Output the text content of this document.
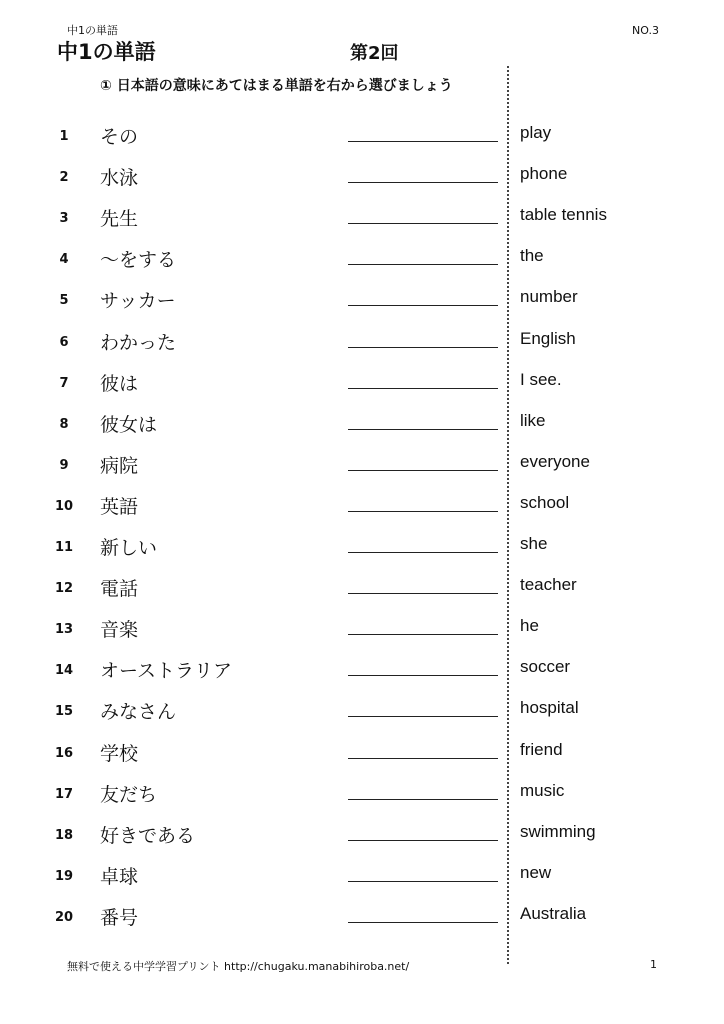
中1の単語	NO.3
中1の単語	第2回
① 日本語の意味にあてはまる単語を右から選びましょう
1	その	play
2	水泳	phone
3	先生	table tennis
4	～をする	the
5	サッカー	number
6	わかった	English
7	彼は	I see.
8	彼女は	like
9	病院	everyone
10	英語	school
11	新しい	she
12	電話	teacher
13	音楽	he
14	オーストラリア	soccer
15	みなさん	hospital
16	学校	friend
17	友だち	music
18	好きである	swimming
19	卓球	new
20	番号	Australia
無料で使える中学学習プリント http://chugaku.manabihiroba.net/	1
